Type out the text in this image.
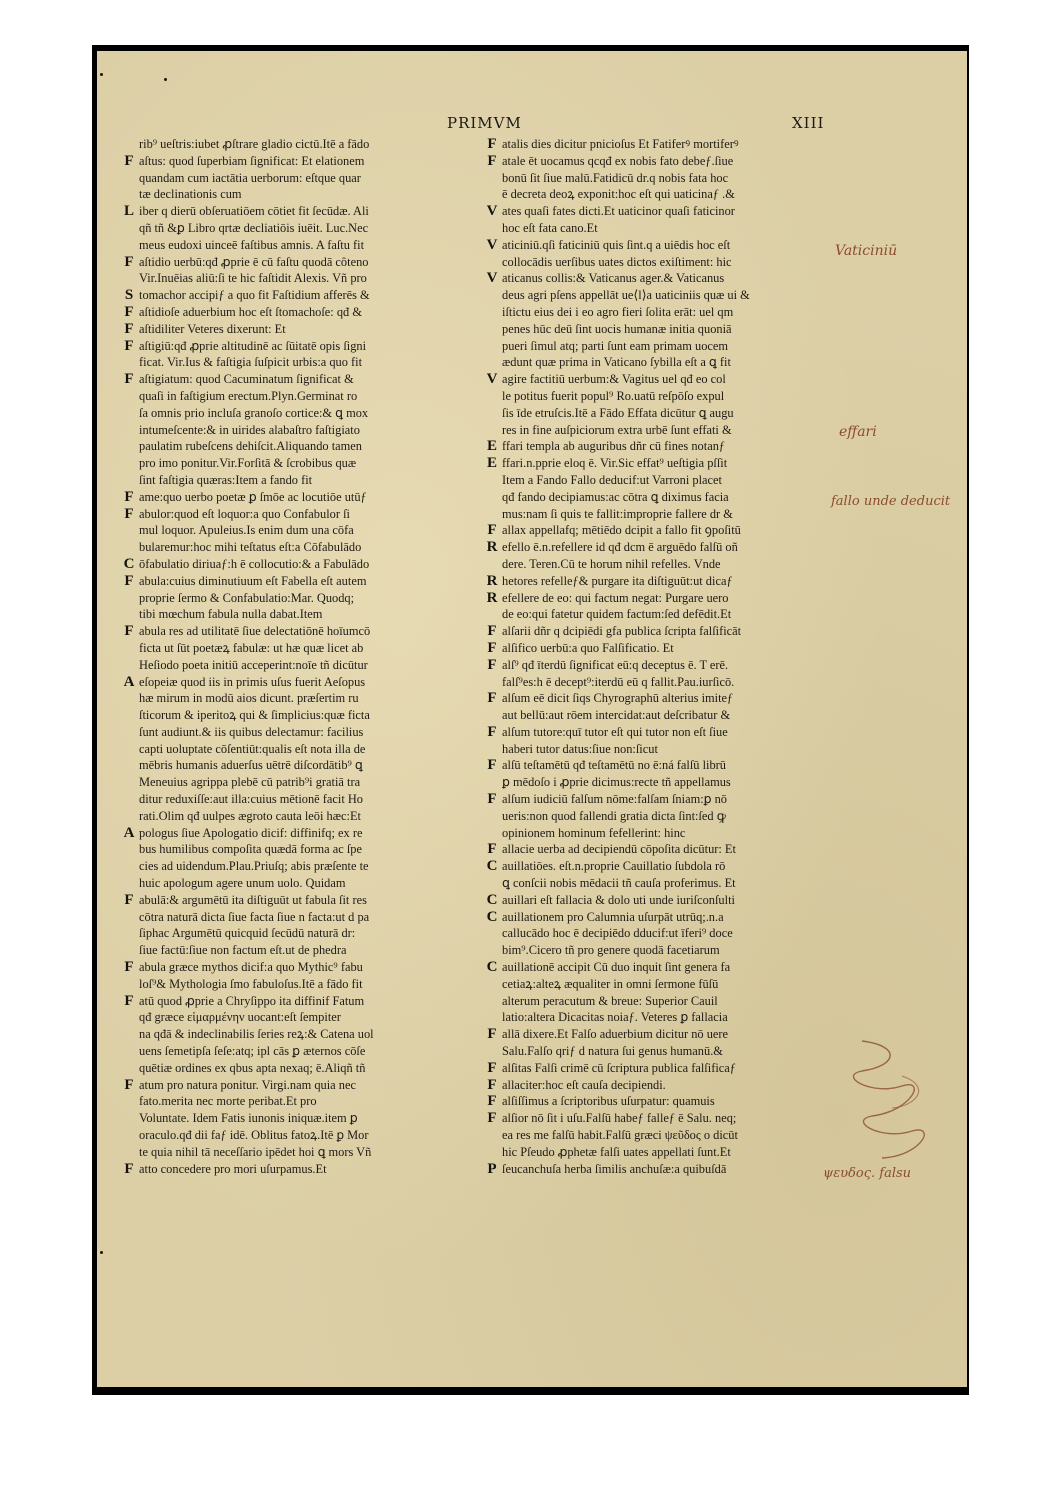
PRIMVM	XIII
rib⁹ ueſtris:iubet ꝓſtrare gladio cictū.Itē a fādo
F aſtus: quod ſuperbiam ſignificat: Et elationem
quandam cum iactātia uerborum: eſtque quar
tæ declinationis cum
L iber q dierū obſeruatiōem cōtiet fit ſecūdæ. Ali
qñ tñ &ꝑ Libro qrtæ decliatiōis iuēit. Luc.Nec
meus eudoxi uinceē faſtibus amnis. A faſtu fit
F aſtidio uerbū:qđ ꝓprie ē cū faſtu quodā côteno
Vir.Inuēias aliū:ſi te hic faſtidit Alexis. Vñ pro
S tomachor accipiƒ a quo fit Faſtidium afferēs &
F aſtidioſe aduerbium hoc eſt ſtomachoſe: qđ &
F aſtidiliter Veteres dixerunt: Et
F aſtigiū:qđ ꝓprie altitudinē ac ſūitatē opis ſigni
ficat. Vir.Ius & faſtigia ſuſpicit urbis:a quo fit
F aſtigiatum: quod Cacuminatum ſignificat &
quaſi in faſtigium erectum.Plyn.Germinat ro
ſa omnis prio incluſa granoſo cortice:& ꝗ mox
intumeſcente:& in uirides alabaſtro faſtigiato
paulatim rubeſcens dehiſcit.Aliquando tamen
pro imo ponitur.Vir.Forſitā & ſcrobibus quæ
ſint faſtigia quæras:Item a fando fit
F ame:quo uerbo poetæ ꝑ ſmōe ac locutiōe utūƒ
F abulor:quod eſt loquor:a quo Confabulor ſi
mul loquor. Apuleius.Is enim dum una cōfa
bularemur:hoc mihi teſtatus eſt:a Cōfabulādo
C ōfabulatio diriuaƒ:h ē collocutio:& a Fabulādo
F abula:cuius diminutiuum eſt Fabella eſt autem
proprie ſermo & Confabulatio:Mar. Quodq;
tibi mœchum fabula nulla dabat.Item
F abula res ad utilitatē ſiue delectatiōnē hoīumcō
ficta ut ſūt poetæꝝ fabulæ: ut hæ quæ licet ab
Heſiodo poeta initiū acceperint:noīe tñ dicūtur
A eſopeiæ quod iis in primis uſus fuerit Aeſopus
hæ mirum in modū aios dicunt. præſertim ru
ſticorum & iperitoꝝ qui & ſimplicius:quæ ficta
ſunt audiunt.& iis quibus delectamur: facilius
capti uoluptate cōſentiūt:qualis eſt nota illa de
mēbris humanis aduerſus uētrē diſcordātib⁹ ꝗ
Meneuius agrippa plebē cū patrib⁹i gratiā tra
ditur reduxiſſe:aut illa:cuius mētionē facit Ho
rati.Olim qđ uulpes ægroto cauta leōi hæc:Et
A pologus ſiue Apologatio dicif: diffinifq; ex re
bus humilibus compoſita quædā forma ac ſpe
cies ad uidendum.Plau.Priuſq; abis præſente te
huic apologum agere unum uolo. Quidam
F abulā:& argumētū ita diſtiguūt ut fabula ſit res
cōtra naturā dicta ſiue facta ſiue n facta:ut d pa
ſiphac Argumētū quicquid ſecūdū naturā dr:
ſiue factū:ſiue non factum eſt.ut de phedra
F abula græce mythos dicif:a quo Mythic⁹ fabu
loſ⁹& Mythologia ſmo fabuloſus.Itē a fādo fit
F atū quod ꝓprie a Chryſippo ita diffinif Fatum
qđ græce εἱμαρμένην uocant:eſt ſempiter
na qđā & indeclinabilis ſeries reꝝ:& Catena uol
uens ſemetipſa ſeſe:atq; ipl cās ꝑ æternos cōſe
quētiæ ordines ex qbus apta nexaq; ē.Aliqñ tñ
F atum pro natura ponitur. Virgi.nam quia nec
fato.merita nec morte peribat.Et pro
Voluntate. Idem Fatis iunonis iniquæ.item ꝑ
oraculo.qđ dii faƒ idē. Oblitus fatoꝝ.Itē ꝑ Mor
te quia nihil tā neceſſario ipēdet hoi ꝗ mors Vñ
F atto concedere pro mori uſurpamus.Et
F atalis dies dicitur pnicioſus Et Fatiferꝰ mortiferꝰ
F atale ēt uocamus qcqđ ex nobis fato debeƒ.ſiue
bonū ſit ſiue malū.Fatidicū dr.q nobis fata hoc
ē decreta deoꝝ exponit:hoc eſt qui uaticinaƒ .&
V ates quaſi fates dicti.Et uaticinor quaſi faticinor
hoc eſt fata cano.Et
V aticiniū.qſi faticiniū quis ſint.q a uiēdis hoc eſt
collocādis uerſibus uates dictos exiſtiment: hic
V aticanus collis:& Vaticanus ager.& Vaticanus
deus agri pſens appellāt ue⟨l⟩a uaticiniis quæ ui &
iſtictu eius dei i eo agro fieri ſolita erāt: uel qm
penes hūc deū ſint uocis humanæ initia quoniā
pueri ſimul atq; parti ſunt eam primam uocem
ædunt quæ prima in Vaticano ſybilla eſt a ꝗ fit
V agire factitiū uerbum:& Vagitus uel qđ eo col
le potitus fuerit popul⁹ Ro.uatū reſpōſo expul
ſis īde etruſcis.Itē a Fādo Effata dicūtur ꝗ augu
res in fine auſpiciorum extra urbē ſunt effati &
E ffari templa ab auguribus dñr cū fines notanƒ
E ffari.n.pprie eloq ē. Vir.Sic effat⁹ ueſtigia pſſit
Item a Fando Fallo deducif:ut Varroni placet
qđ fando decipiamus:ac cōtra ꝗ diximus facia
mus:nam ſi quis te fallit:improprie fallere dr &
F allax appellafq; mētiēdo dcipit a fallo fit ꝯpoſitū
R efello ē.n.refellere id qđ dcm ē arguēdo falſū oñ
dere. Teren.Cū te horum nihil refelles. Vnde
R hetores refelleƒ& purgare ita diſtiguūt:ut dicaƒ
R efellere de eo: qui factum negat: Purgare uero
de eo:qui fatetur quidem factum:ſed defēdit.Et
F alſarii dñr q dcipiēdi gfa publica ſcripta falſificāt
F alſifico uerbū:a quo Falſificatio. Et
F alſ⁹ qđ īterdū ſignificat eū:q deceptus ē. T erē.
falſ⁹es:h ē decept⁹:iterdū eū q fallit.Pau.iurſicō.
F alſum eē dicit ſiqs Chyrographū alterius imiteƒ
aut bellū:aut rōem intercidat:aut deſcribatur &
F alſum tutore:quī tutor eſt qui tutor non eſt ſiue
haberi tutor datus:ſiue non:ſicut
F alſū teſtamētū qđ teſtamētū no ē:ná falſū librū
ꝑ mēdoſo i ꝓprie dicimus:recte tñ appellamus
F alſum iudiciū falſum nōme:falſam ſniam:ꝑ nō
ueris:non quod fallendi gratia dicta ſint:ſed ꝙ
opinionem hominum fefellerint: hinc
F allacie uerba ad decipiendū cōpoſita dicūtur: Et
C auillatiōes. eſt.n.proprie Cauillatio ſubdola rō
ꝗ conſcii nobis mēdacii tñ cauſa proferimus. Et
C auillari eſt fallacia & dolo uti unde iuriſconſulti
C auillationem pro Calumnia uſurpāt utrūq;.n.a
callucādo hoc ē decipiēdo dducif:ut īferi⁹ doce
bim⁹.Cicero tñ pro genere quodā facetiarum
C auillationē accipit Cū duo inquit ſint genera fa
cetiaꝝ:alteꝝ æqualiter in omni ſermone fūſū
alterum peracutum & breue: Superior Cauil
latio:altera Dicacitas noiaƒ. Veteres ꝑ fallacia
F allā dixere.Et Falſo aduerbium dicitur nō uere
Salu.Falſo qriƒ d natura ſui genus humanū.&
F alſitas Falſi crimē cū ſcriptura publica falſificaƒ
F allaciter:hoc eſt cauſa decipiendi.
F alſiſſimus a ſcriptoribus uſurpatur: quamuis
F alſior nō ſit i uſu.Falſū habeƒ falleƒ ē Salu. neq;
ea res me falſū habit.Falſū græci ψεῦδος o dicūt
hic Pſeudo ꝓphetæ falſi uates appellati ſunt.Et
P ſeucanchuſa herba ſimilis anchuſæ:a quibuſdā
Vaticiniū
effari
fallo unde deducit
ψευδος. falsu
